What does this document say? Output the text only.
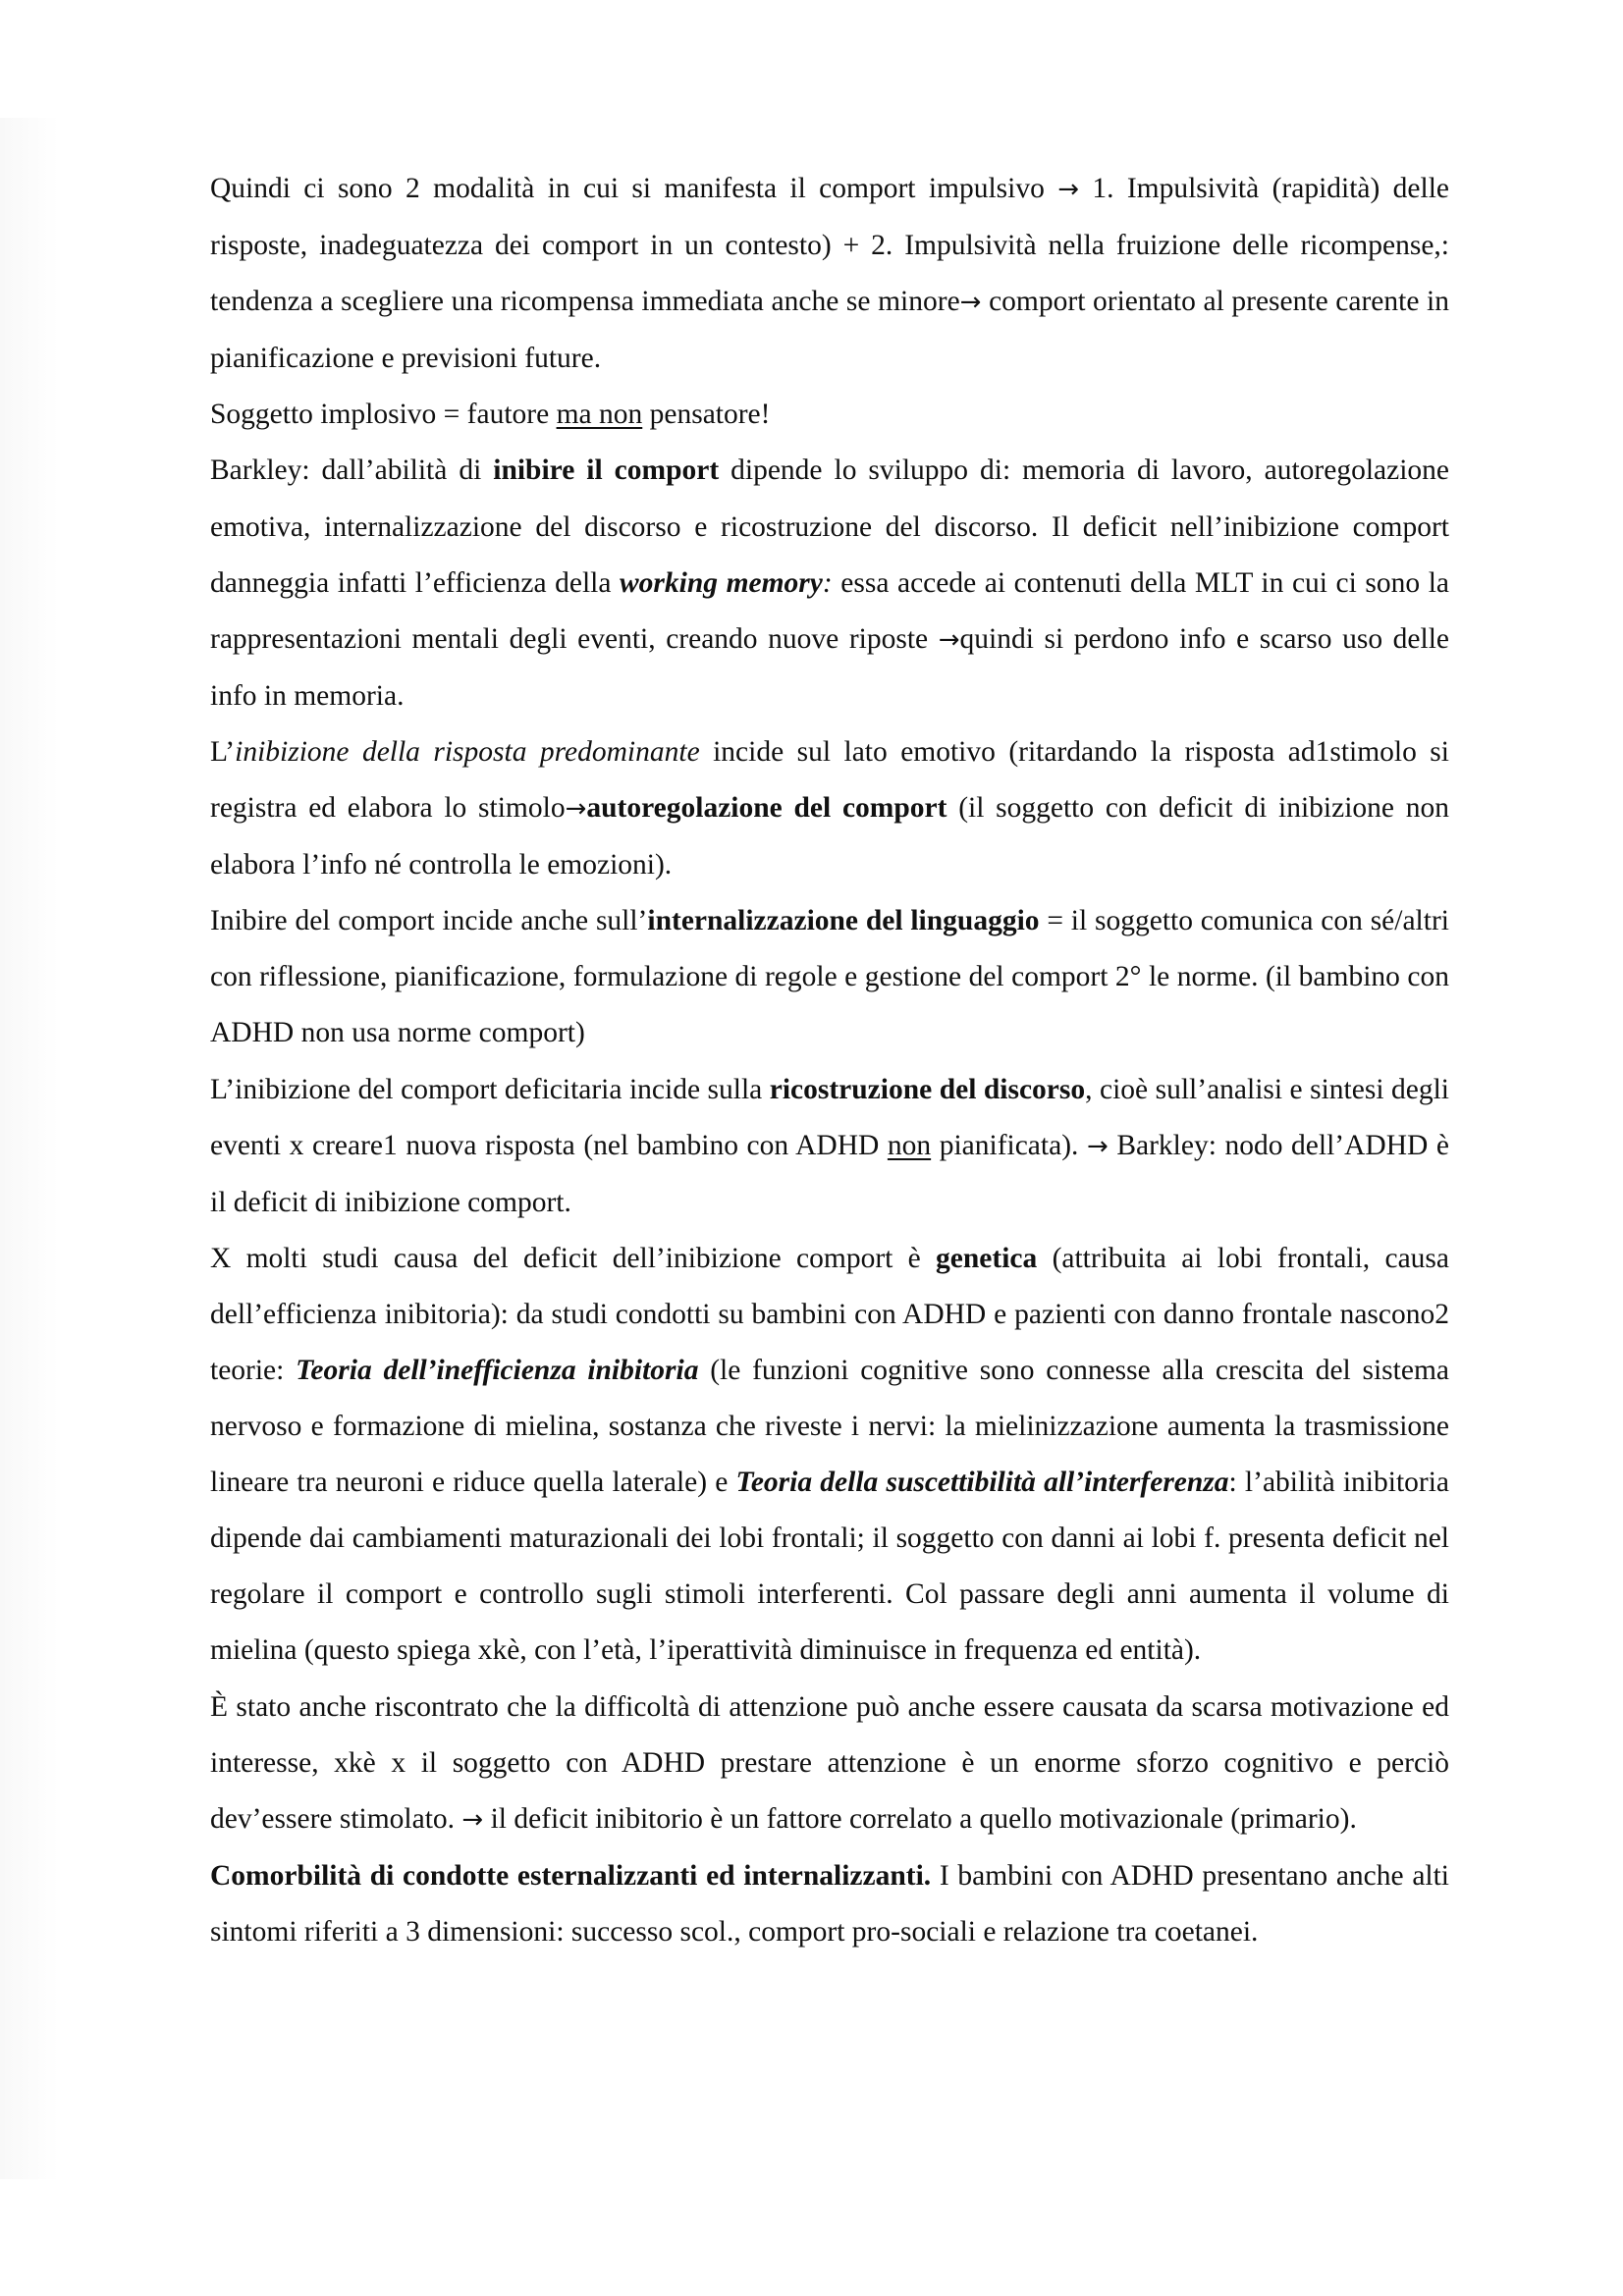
Quindi ci sono 2 modalità in cui si manifesta il comport impulsivo → 1. Impulsività (rapidità) delle risposte, inadeguatezza dei comport in un contesto) + 2. Impulsività nella fruizione delle ricompense,: tendenza a scegliere una ricompensa immediata anche se minore→ comport orientato al presente carente in pianificazione e previsioni future.

Soggetto implosivo = fautore ma non pensatore!

Barkley: dall’abilità di inibire il comport dipende lo sviluppo di: memoria di lavoro, autoregolazione emotiva, internalizzazione del discorso e ricostruzione del discorso. Il deficit nell’inibizione comport danneggia infatti l’efficienza della working memory: essa accede ai contenuti della MLT in cui ci sono la rappresentazioni mentali degli eventi, creando nuove riposte →quindi si perdono info e scarso uso delle info in memoria.

L’inibizione della risposta predominante incide sul lato emotivo (ritardando la risposta ad1stimolo si registra ed elabora lo stimolo→autoregolazione del comport (il soggetto con deficit di inibizione non elabora l’info né controlla le emozioni).

Inibire del comport incide anche sull’internalizzazione del linguaggio = il soggetto comunica con sé/altri con riflessione, pianificazione, formulazione di regole e gestione del comport 2° le norme. (il bambino con ADHD non usa norme comport)

L’inibizione del comport deficitaria incide sulla ricostruzione del discorso, cioè sull’analisi e sintesi degli eventi x creare1 nuova risposta (nel bambino con ADHD non pianificata). → Barkley: nodo dell’ADHD è il deficit di inibizione comport.

X molti studi causa del deficit dell’inibizione comport è genetica (attribuita ai lobi frontali, causa dell’efficienza inibitoria): da studi condotti su bambini con ADHD e pazienti con danno frontale nascono2 teorie: Teoria dell’inefficienza inibitoria (le funzioni cognitive sono connesse alla crescita del sistema nervoso e formazione di mielina, sostanza che riveste i nervi: la mielinizzazione aumenta la trasmissione lineare tra neuroni e riduce quella laterale) e Teoria della suscettibilità all’interferenza: l’abilità inibitoria dipende dai cambiamenti maturazionali dei lobi frontali; il soggetto con danni ai lobi f. presenta deficit nel regolare il comport e controllo sugli stimoli interferenti. Col passare degli anni aumenta il volume di mielina (questo spiega xkè, con l’età, l’iperattività diminuisce in frequenza ed entità).

È stato anche riscontrato che la difficoltà di attenzione può anche essere causata da scarsa motivazione ed interesse, xkè x il soggetto con ADHD prestare attenzione è un enorme sforzo cognitivo e perciò dev’essere stimolato. → il deficit inibitorio è un fattore correlato a quello motivazionale (primario).

Comorbilità di condotte esternalizzanti ed internalizzanti. I bambini con ADHD presentano anche alti sintomi riferiti a 3 dimensioni: successo scol., comport pro-sociali e relazione tra coetanei.
